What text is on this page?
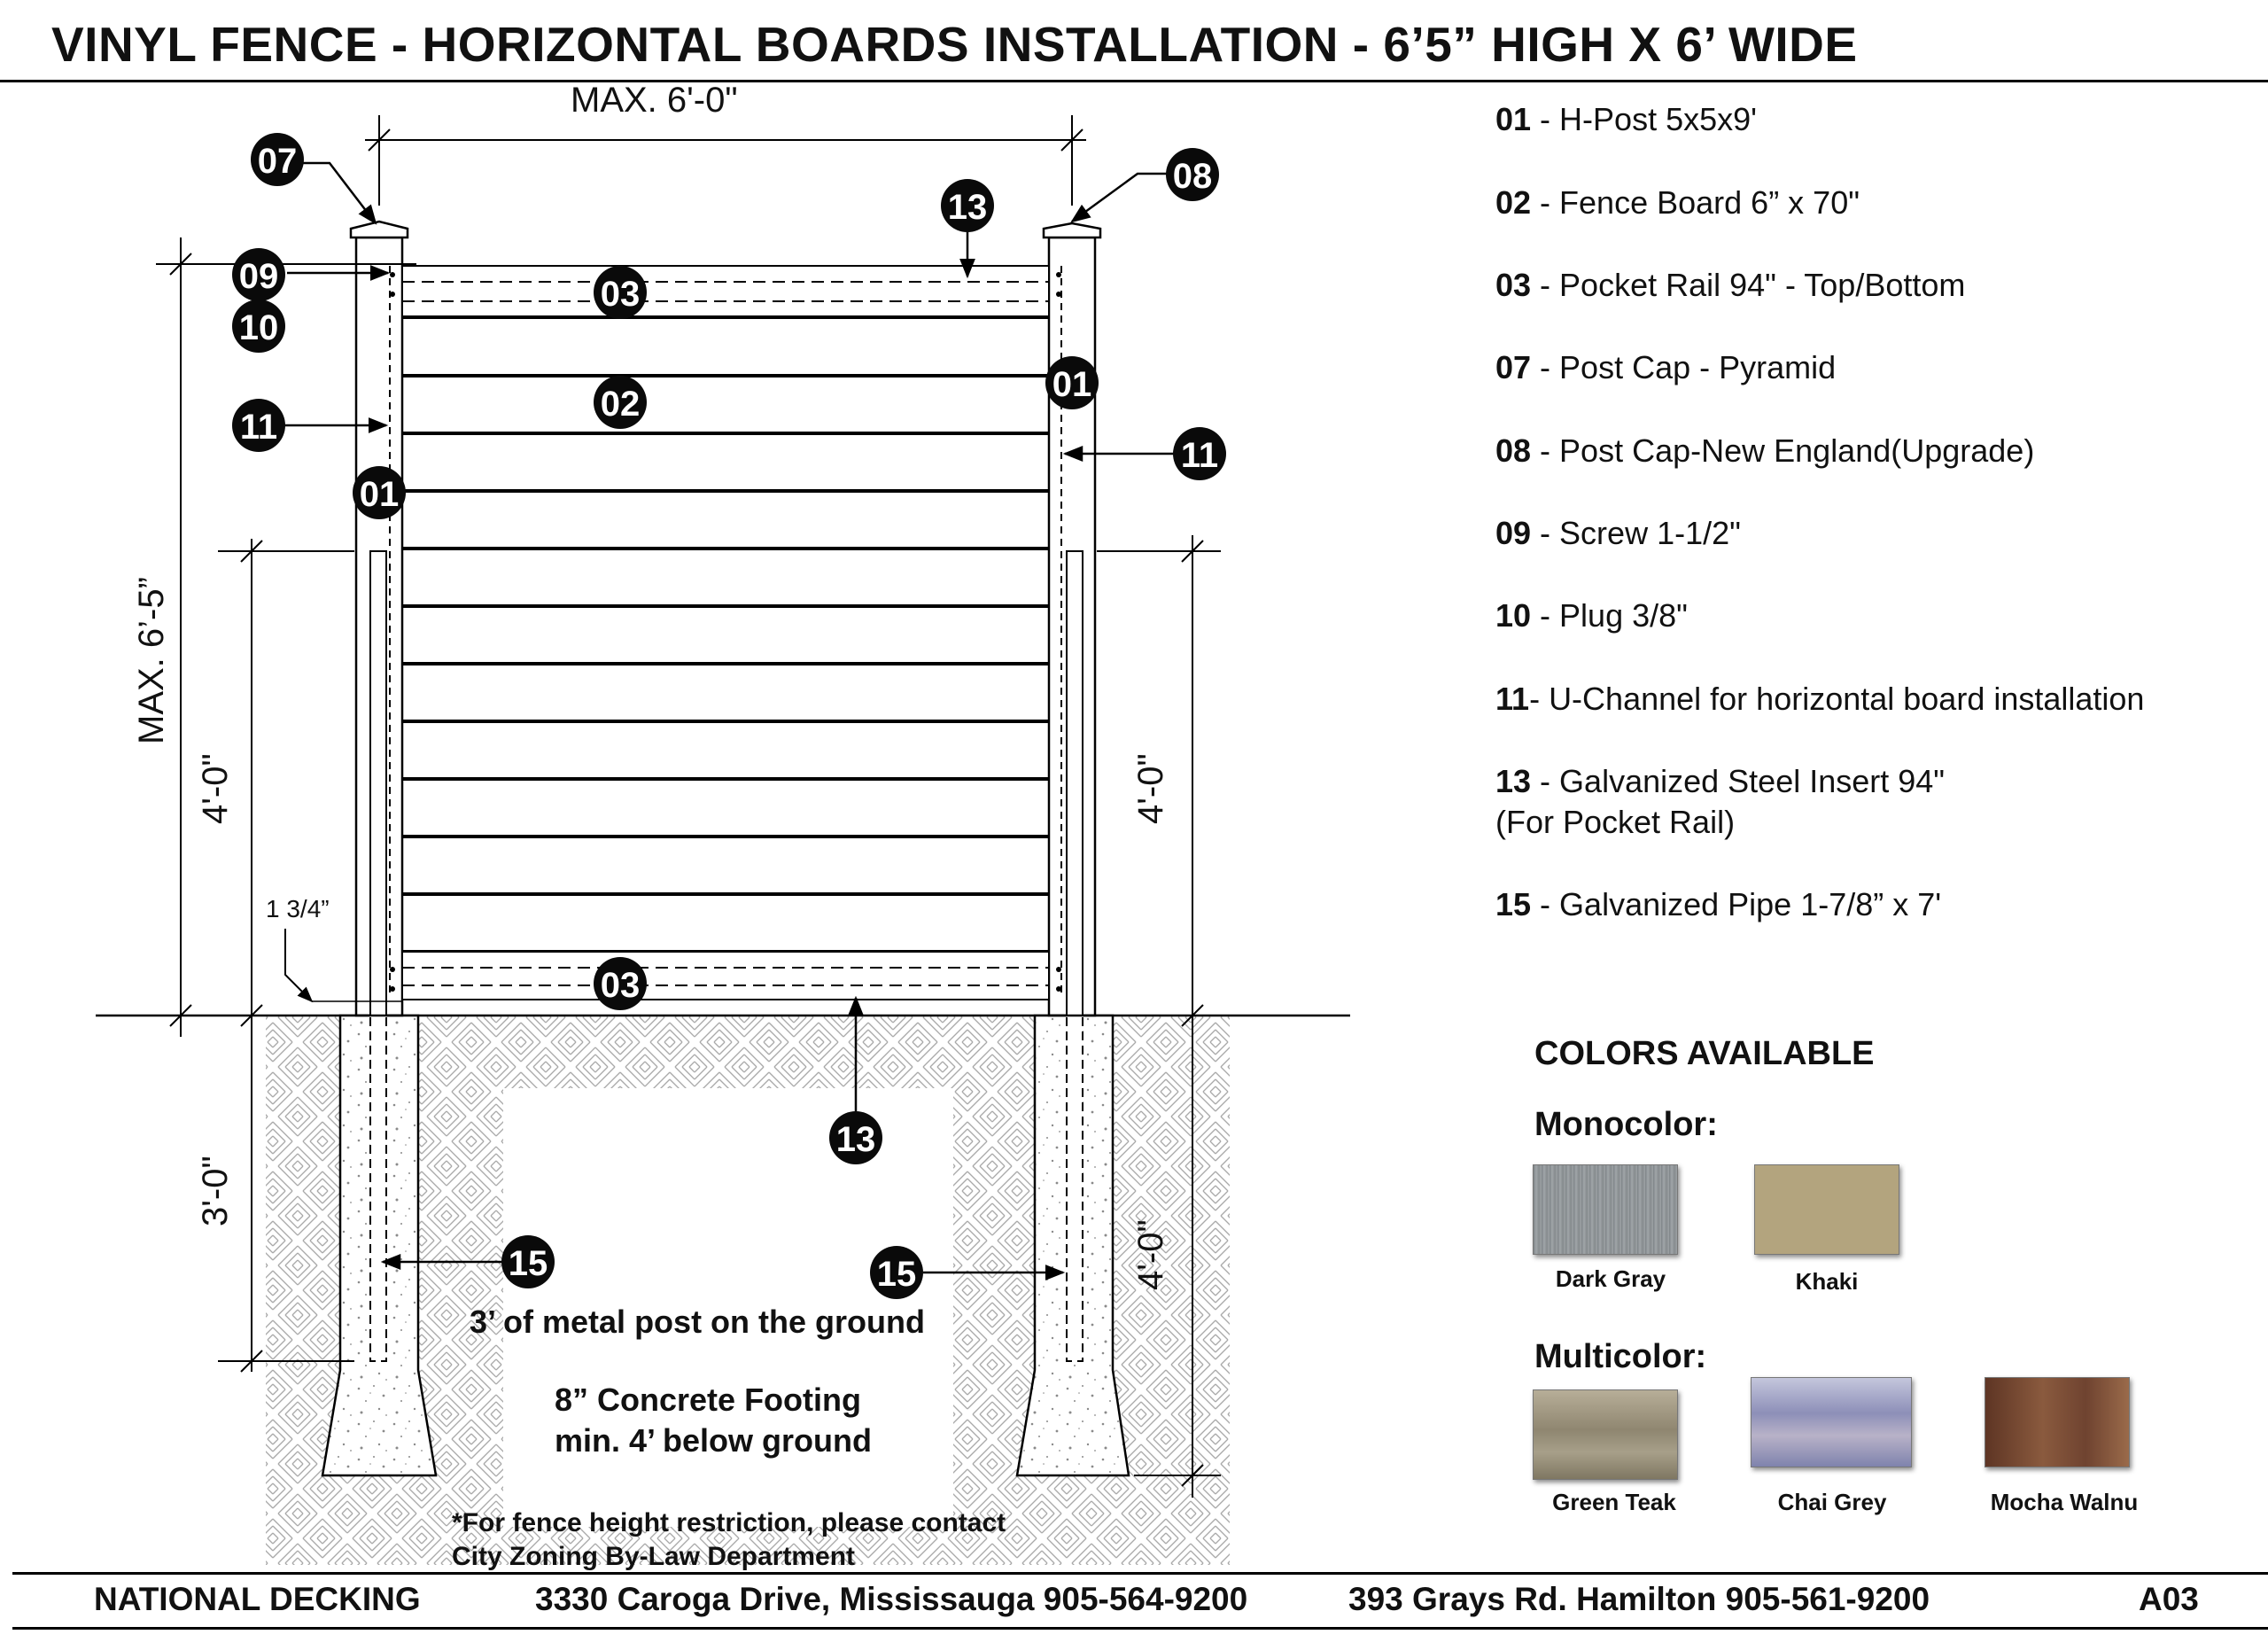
VINYL FENCE - HORIZONTAL BOARDS INSTALLATION - 6’5” HIGH X 6’ WIDE
MAX. 6'-0"
MAX. 6’-5”
4'-0"
3'-0"
4'-0"
4'-0"
1 3/4”
07	08
13
09
10
03
02	01
11
11
01
03
13
15	15
3’ of metal post on the ground
8” Concrete Footing
min. 4’ below ground
*For fence height restriction, please contact
City Zoning By-Law Department
01 - H-Post 5x5x9'
02 - Fence Board 6” x 70"
03 - Pocket Rail 94" - Top/Bottom
07 - Post Cap - Pyramid
08 - Post Cap-New England(Upgrade)
09 - Screw 1-1/2"
10 - Plug 3/8"
11- U-Channel for horizontal board installation
13 - Galvanized Steel Insert 94"
(For Pocket Rail)
15 - Galvanized Pipe 1-7/8” x 7'
COLORS AVAILABLE
Monocolor:
Dark Gray	Khaki
Multicolor:
Green Teak	Chai Grey	Mocha Walnu
NATIONAL DECKING	3330 Caroga Drive, Mississauga 905-564-9200	393 Grays Rd. Hamilton 905-561-9200	A03
